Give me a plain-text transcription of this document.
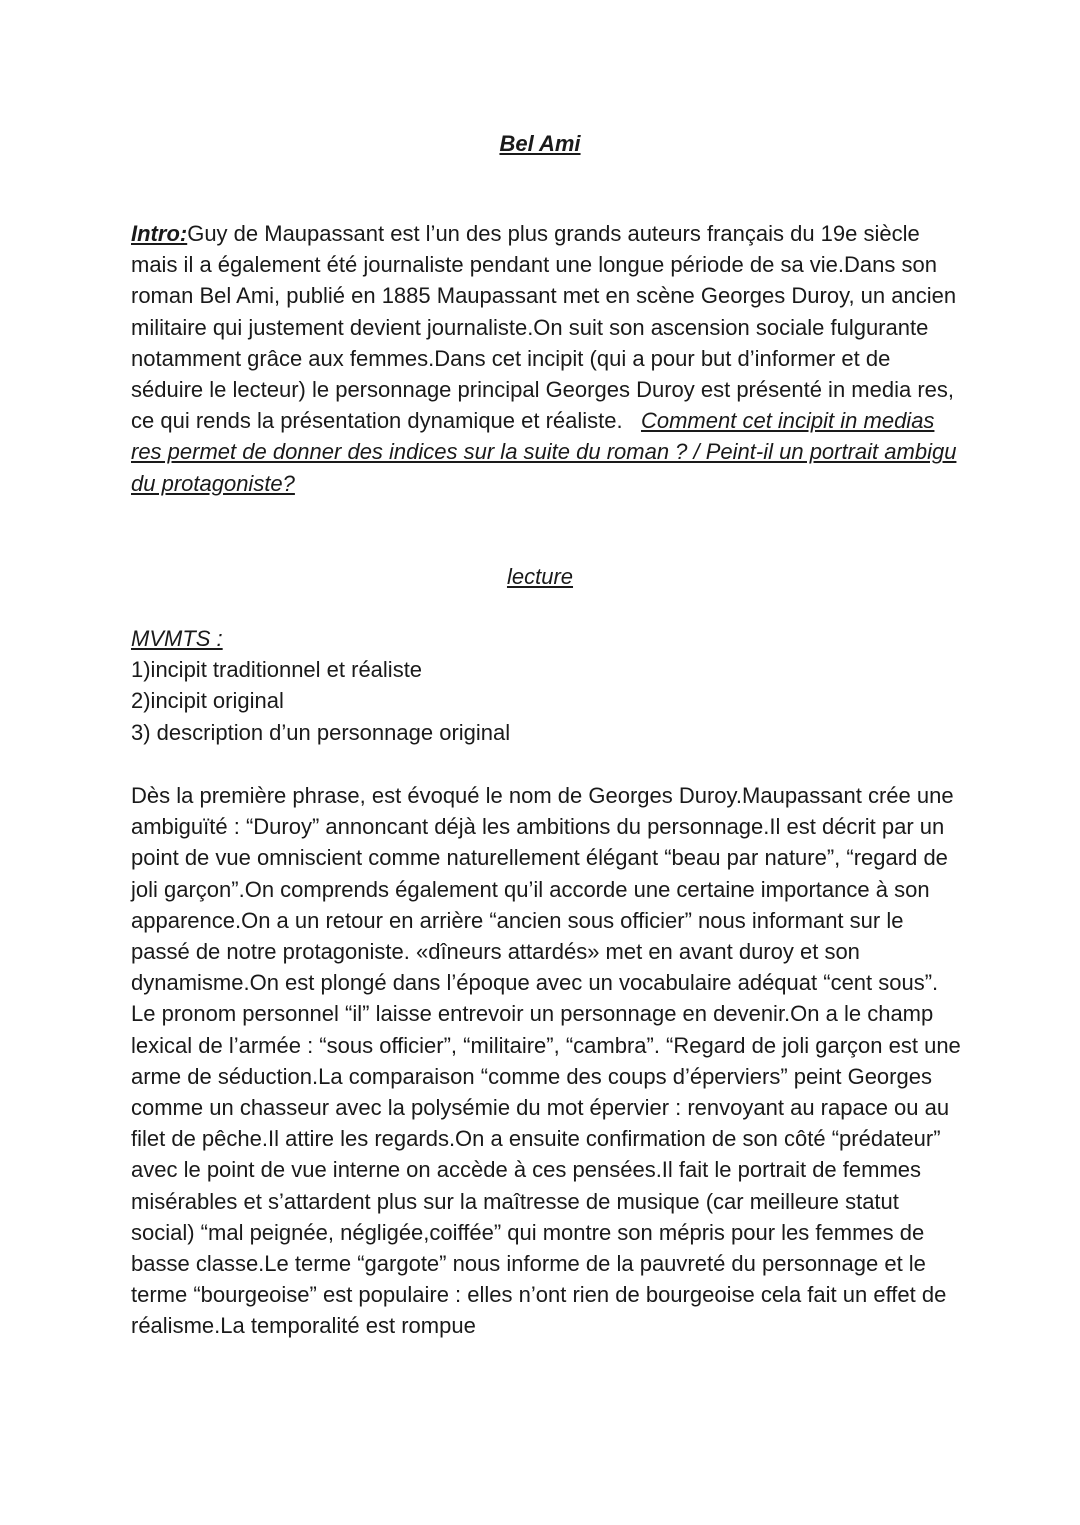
Bel Ami
Intro:Guy de Maupassant est l’un des plus grands auteurs français du 19e siècle mais il a également été journaliste pendant une longue période de sa vie.Dans son roman Bel Ami, publié en 1885 Maupassant met en scène Georges Duroy, un ancien militaire qui justement devient journaliste.On suit son ascension sociale fulgurante notamment grâce aux femmes.Dans cet incipit (qui a pour but d’informer et de séduire le lecteur) le personnage principal Georges Duroy est présenté in media res, ce qui rends la présentation dynamique et réaliste. Comment cet incipit in medias res permet de donner des indices sur la suite du roman ? / Peint-il un portrait ambigu du protagoniste?
lecture
MVMTS :
1)incipit traditionnel et réaliste
2)incipit original
3) description d’un personnage original
Dès la première phrase, est évoqué le nom de Georges Duroy.Maupassant crée une ambiguïté : “Duroy” annoncant déjà les ambitions du personnage.Il est décrit par un point de vue omniscient comme naturellement élégant “beau par nature”, “regard de joli garçon”.On comprends également qu’il accorde une certaine importance à son apparence.On a un retour en arrière “ancien sous officier” nous informant sur le passé de notre protagoniste. «dîneurs attardés» met en avant duroy et son dynamisme.On est plongé dans l’époque avec un vocabulaire adéquat “cent sous”. Le pronom personnel “il” laisse entrevoir un personnage en devenir.On a le champ lexical de l’armée : “sous officier”, “militaire”, “cambra”. “Regard de joli garçon est une arme de séduction.La comparaison “comme des coups d’éperviers” peint Georges comme un chasseur avec la polysémie du mot épervier : renvoyant au rapace ou au filet de pêche.Il attire les regards.On a ensuite confirmation de son côté “prédateur” avec le point de vue interne on accède à ces pensées.Il fait le portrait de femmes misérables et s’attardent plus sur la maîtresse de musique (car meilleure statut social) “mal peignée, négligée,coiffée” qui montre son mépris pour les femmes de basse classe.Le terme “gargote” nous informe de la pauvreté du personnage et le terme “bourgeoise” est populaire : elles n’ont rien de bourgeoise cela fait un effet de réalisme.La temporalité est rompue
